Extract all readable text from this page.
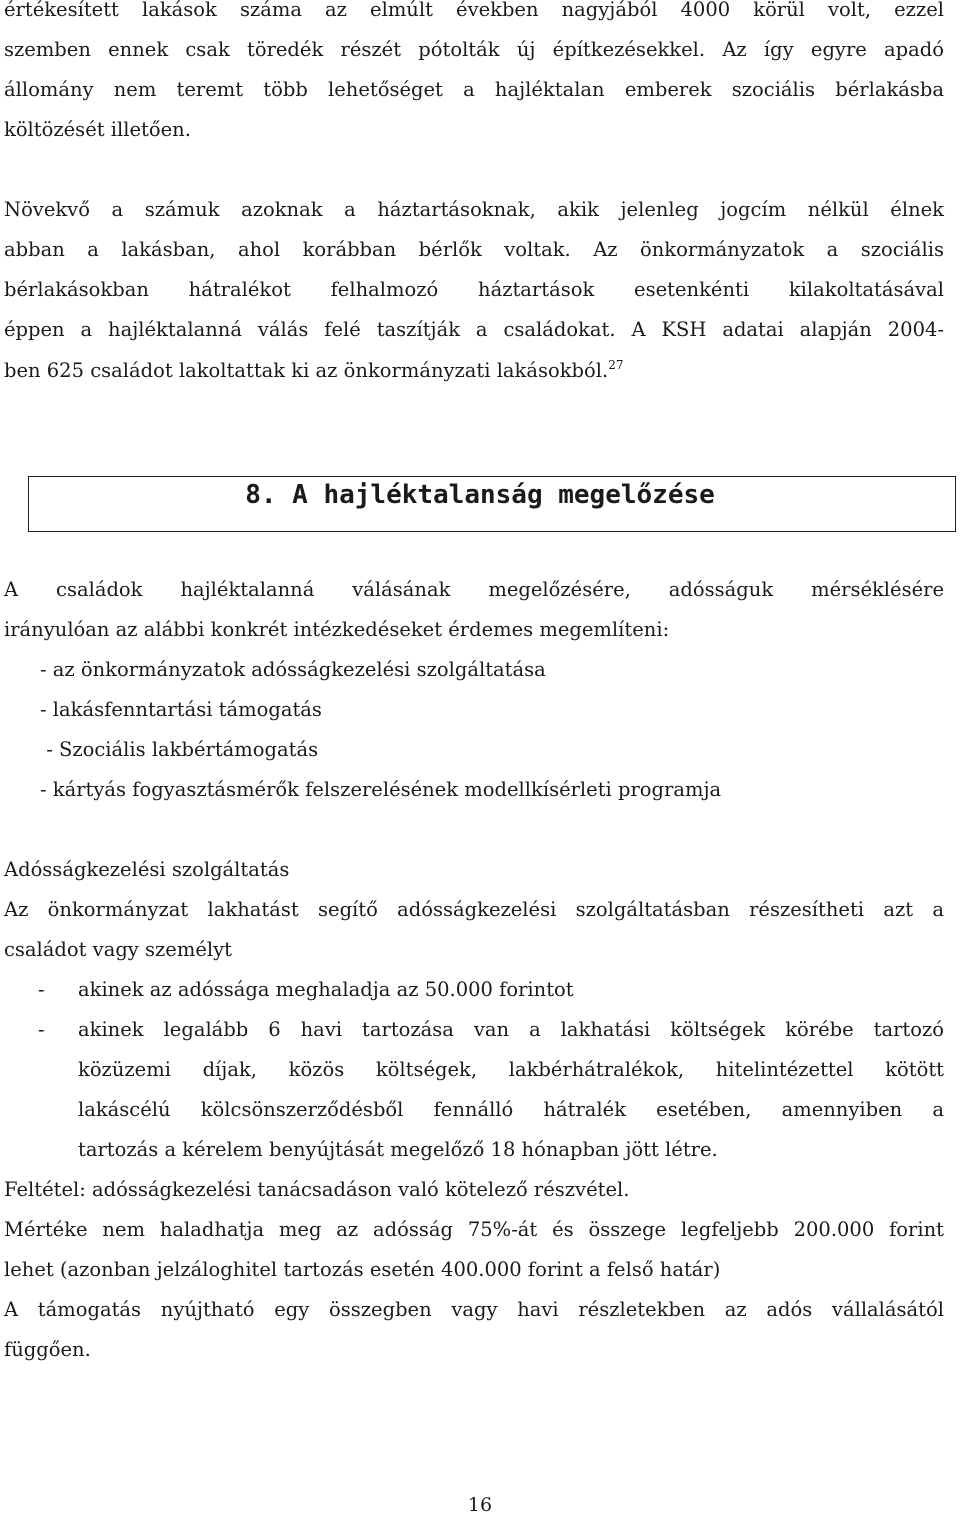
értékesített lakások száma az elmúlt években nagyjából 4000 körül volt, ezzel
szemben ennek csak töredék részét pótolták új építkezésekkel. Az így egyre apadó
állomány nem teremt több lehetőséget a hajléktalan emberek szociális bérlakásba
költözését illetően.
Növekvő a számuk azoknak a háztartásoknak, akik jelenleg jogcím nélkül élnek
abban a lakásban, ahol korábban bérlők voltak. Az önkormányzatok a szociális
bérlakásokban hátralékot felhalmozó háztartások esetenkénti kilakoltatásával
éppen a hajléktalanná válás felé taszítják a családokat. A KSH adatai alapján 2004-
ben 625 családot lakoltattak ki az önkormányzati lakásokból.$^{27}$
8. A hajléktalanság megelőzése
A családok hajléktalanná válásának megelőzésére, adósságuk mérséklésére
irányulóan az alábbi konkrét intézkedéseket érdemes megemlíteni:
- az önkormányzatok adósságkezelési szolgáltatása
- lakásfenntartási támogatás
- Szociális lakbértámogatás
- kártyás fogyasztásmérők felszerelésének modellkísérleti programja
Adósságkezelési szolgáltatás
Az önkormányzat lakhatást segítő adósságkezelési szolgáltatásban részesítheti azt a
családot vagy személyt
- akinek az adóssága meghaladja az 50.000 forintot
- akinek legalább 6 havi tartozása van a lakhatási költségek körébe tartozó
közüzemi díjak, közös költségek, lakbérhátralékok, hitelintézettel kötött
lakáscélú kölcsönszerződésből fennálló hátralék esetében, amennyiben a
tartozás a kérelem benyújtását megelőző 18 hónapban jött létre.
Feltétel: adósságkezelési tanácsadáson való kötelező részvétel.
Mértéke nem haladhatja meg az adósság 75%-át és összege legfeljebb 200.000 forint
lehet (azonban jelzáloghitel tartozás esetén 400.000 forint a felső határ)
A támogatás nyújtható egy összegben vagy havi részletekben az adós vállalásától
függően.
16
